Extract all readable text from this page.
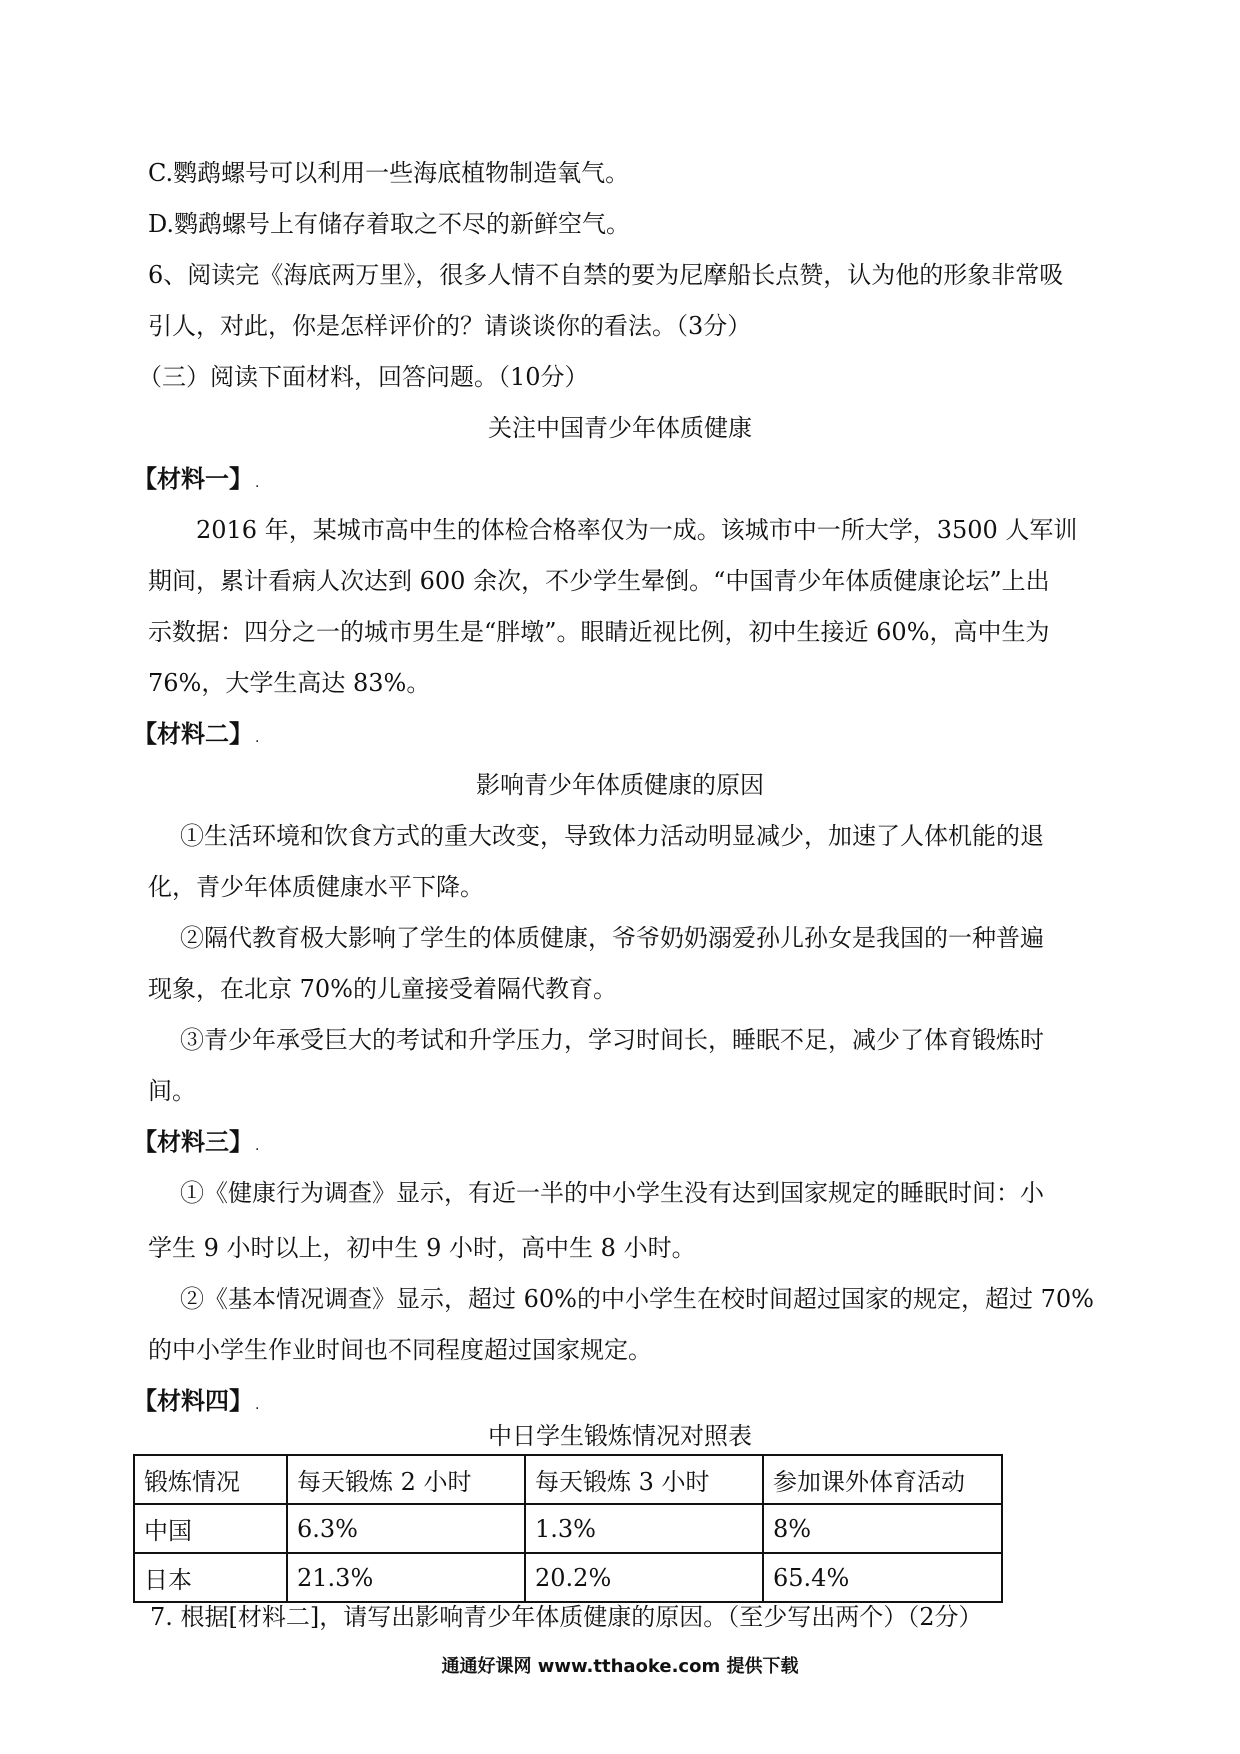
C.鹦鹉螺号可以利用一些海底植物制造氧气。
D.鹦鹉螺号上有储存着取之不尽的新鲜空气。
6、阅读完《海底两万里》，很多人情不自禁的要为尼摩船长点赞，认为他的形象非常吸
引人，对此，你是怎样评价的？请谈谈你的看法。（3分）
（三）阅读下面材料，回答问题。（10分）
关注中国青少年体质健康
【材料一】 .
2016 年，某城市高中生的体检合格率仅为一成。该城市中一所大学，3500 人军训
期间，累计看病人次达到 600 余次，不少学生晕倒。“中国青少年体质健康论坛”上出
示数据：四分之一的城市男生是“胖墩”。眼睛近视比例，初中生接近 60%，高中生为
76%，大学生高达 83%。
【材料二】 .
影响青少年体质健康的原因
①生活环境和饮食方式的重大改变，导致体力活动明显减少，加速了人体机能的退
化，青少年体质健康水平下降。
②隔代教育极大影响了学生的体质健康，爷爷奶奶溺爱孙儿孙女是我国的一种普遍
现象，在北京 70%的儿童接受着隔代教育。
③青少年承受巨大的考试和升学压力，学习时间长，睡眠不足，减少了体育锻炼时
间。
【材料三】 .
①《健康行为调查》显示，有近一半的中小学生没有达到国家规定的睡眠时间：小
学生 9 小时以上，初中生 9 小时，高中生 8 小时。
②《基本情况调查》显示，超过 60%的中小学生在校时间超过国家的规定，超过 70%
的中小学生作业时间也不同程度超过国家规定。
【材料四】 .
中日学生锻炼情况对照表
锻炼情况	每天锻炼 2 小时	每天锻炼 3 小时	参加课外体育活动
中国	6.3%	1.3%	8%
日本	21.3%	20.2%	65.4%
7. 根据[材料二]，请写出影响青少年体质健康的原因。（至少写出两个）（2分）
通通好课网 www.tthaoke.com 提供下载
